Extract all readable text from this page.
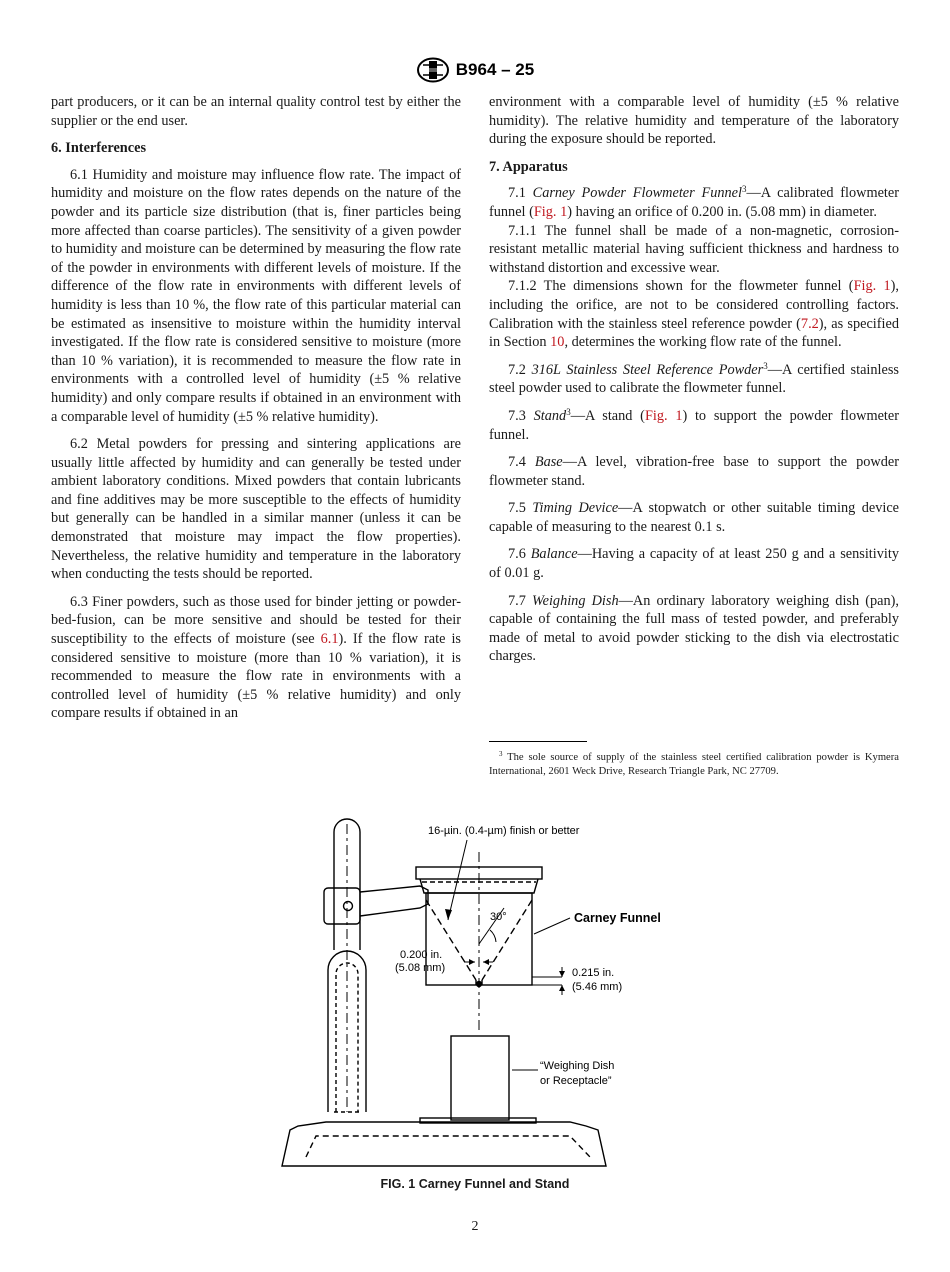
B964 – 25

part producers, or it can be an internal quality control test by either the supplier or the end user.

6. Interferences

6.1 Humidity and moisture may influence flow rate. The impact of humidity and moisture on the flow rates depends on the nature of the powder and its particle size distribution (that is, finer particles being more affected than coarse particles). The sensitivity of a given powder to humidity and moisture can be determined by measuring the flow rate of the powder in environments with different levels of moisture. If the difference of the flow rate in environments with different levels of humidity is less than 10 %, the flow rate of this particular material can be estimated as insensitive to moisture within the humidity interval investigated. If the flow rate is considered sensitive to moisture (more than 10 % variation), it is recommended to measure the flow rate in environments with a controlled level of humidity (±5 % relative humidity) and only compare results if obtained in an environment with a comparable level of humidity (±5 % relative humidity).

6.2 Metal powders for pressing and sintering applications are usually little affected by humidity and can generally be tested under ambient laboratory conditions. Mixed powders that contain lubricants and fine additives may be more susceptible to the effects of humidity but generally can be handled in a similar manner (unless it can be demonstrated that moisture may impact the flow properties). Nevertheless, the relative humidity and temperature in the laboratory when conducting the tests should be reported.

6.3 Finer powders, such as those used for binder jetting or powder-bed-fusion, can be more sensitive and should be tested for their susceptibility to the effects of moisture (see 6.1). If the flow rate is considered sensitive to moisture (more than 10 % variation), it is recommended to measure the flow rate in environments with a controlled level of humidity (±5 % relative humidity) and only compare results if obtained in an

environment with a comparable level of humidity (±5 % relative humidity). The relative humidity and temperature of the laboratory during the exposure should be reported.

7. Apparatus

7.1 Carney Powder Flowmeter Funnel$^3$—A calibrated flowmeter funnel (Fig. 1) having an orifice of 0.200 in. (5.08 mm) in diameter.

7.1.1 The funnel shall be made of a non-magnetic, corrosion-resistant metallic material having sufficient thickness and hardness to withstand distortion and excessive wear.

7.1.2 The dimensions shown for the flowmeter funnel (Fig. 1), including the orifice, are not to be considered controlling factors. Calibration with the stainless steel reference powder (7.2), as specified in Section 10, determines the working flow rate of the funnel.

7.2 316L Stainless Steel Reference Powder$^3$—A certified stainless steel powder used to calibrate the flowmeter funnel.

7.3 Stand$^3$—A stand (Fig. 1) to support the powder flowmeter funnel.

7.4 Base—A level, vibration-free base to support the powder flowmeter stand.

7.5 Timing Device—A stopwatch or other suitable timing device capable of measuring to the nearest 0.1 s.

7.6 Balance—Having a capacity of at least 250 g and a sensitivity of 0.01 g.

7.7 Weighing Dish—An ordinary laboratory weighing dish (pan), capable of containing the full mass of tested powder, and preferably made of metal to avoid powder sticking to the dish via electrostatic charges.

$^3$ The sole source of supply of the stainless steel certified calibration powder is Kymera International, 2601 Weck Drive, Research Triangle Park, NC 27709.

16-µin. (0.4-µm) finish or better
30°	Carney Funnel
0.200 in.
(5.08 mm)	0.215 in.
(5.46 mm)
“Weighing Dish
or Receptacle”
FIG. 1 Carney Funnel and Stand
2
